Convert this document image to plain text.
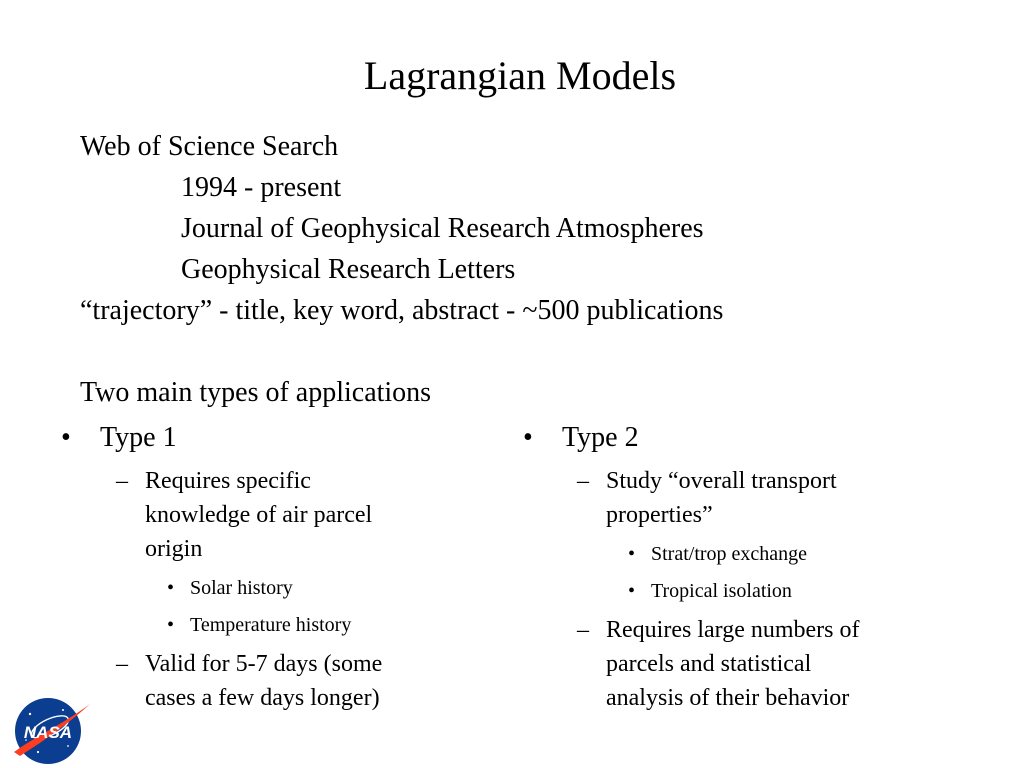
Lagrangian Models
Web of Science Search
1994 - present
Journal of Geophysical Research Atmospheres
Geophysical Research Letters
“trajectory” - title, key word, abstract - ~500 publications
Two main types of applications
• Type 1
– Requires specific
knowledge of air parcel
origin
• Solar history
• Temperature history
– Valid for 5-7 days (some
cases a few days longer)
• Type 2
– Study “overall transport
properties”
• Strat/trop exchange
• Tropical isolation
– Requires large numbers of
parcels and statistical
analysis of their behavior
NASA
